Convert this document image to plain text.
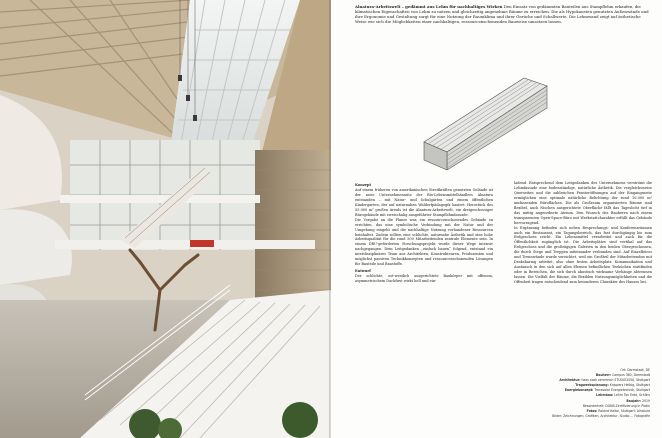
Alnatura-Arbeitswelt – gedämmt aus Lehm für nachhaltiges Wirken Den Einsatz von gedämmten Bauteilen aus Stampflehm erkaufen, die klimatischen Eigenschaften von Lehm zu nutzen und gleichzeitig angenehme Räume zu erreichen. Die als Hypokausten genutzten Außenwände und ihre Ergonomie und Gestaltung sorgt für eine Nutzung der Raumklima und ihrer Gerüche und Schallwerte. Die Lehmwand zeigt auf ästhetische Weise wie sich die Möglichkeiten einer nachhaltigen, ressourcenschonenden Bauweise umsetzen lassen.

Konzept

Auf einem früheren von amerikanischen Streitkräften genutzten Gelände ist der neue Unternehmenssitz der Bio-Lebensmittelhändlers Alnatura entstanden – mit Natur- und Schulgärten und einem öffentlichen Kindergarten, der auf naturnahen Waldorfpädagogik basiert. Herzstück des 55.000 m² großen Areals ist die Alnatura-Arbeitswelt, ein dreigeschossiger Bürogebäude mit zweischalig ausgeführter Stampflehmfassade.

Die Vorgabe an die Planer war, ein ressourcenschonendes Gebäude zu errichten, das eine symbolische Verbindung mit der Natur und der Umgebung eingeht und die nachhaltige Nutzung vorhandener Ressourcen beinhaltet. Zudem sollten eine schlichte, naturnahe Ästhetik und eine hohe Arbeitsqualität für die rund 500 Mitarbeitenden zentrale Elemente sein. In einem DBU-geförderten Forschungsprojekt wurde dieser Wege intensiv nachgegangen. Dem Leitgedanken „einfach bauen“ folgend, entstand ein interdisziplinäres Team aus Architekten, Konstrukteuren, Produzenten und möglichst passiven Technikkonzepten und ressourcenschonenden Lösungen für Bauteile und Baustoffe.

Entwurf

Der schlichte, ost-westlich ausgerichtete Baukörper mit offenem, asymmetrischem Dachfirst wirkt hell und ein-

ladend. Entsprechend dem Leitgedanken des Unternehmens verströmt die Lehmfassade eine bodenständige, natürliche Ästhetik. Die vergleichsweise Querseiten und die zahlreichen Fensteröffnungen auf der Eingangsseite ermöglichen eine optimale natürliche Belichtung der rund 10.000 m² umfassenden Büroflächen. Die als Großraum organisierten Räume sind flexibel, auch Nischen ausgerichtete Oberfläche fällt das Tageslicht tief in das mittig angeordnete Atrium. Den Wunsch des Bauherrn nach einem transparenten Open-Space-Büro mit Werkstattcharakter erfüllt das Gebäude hervorragend.

In Ergänzung befinden sich neben Besprechungs- und Konferenzräumen auch ein Restaurant, ein Tagungsbereich, das fast durchgängig bis zum Erdgeschoss reicht. Ein Lebensmittel verarbeitet und auch für die Öffentlichkeit zugänglich ist. Die Arbeitsplätze sind vertikal auf das Erdgeschoss und die großzügigen Galerien in den beiden Obergeschossen, die durch Stege und Treppen miteinander verbunden sind. Auf Einzelbüros und Trennwände wurde verzichtet, weil ein Großteil der Mitarbeitenden mit Desksharing arbeitet, also ohne festen Arbeitsplatz. Kommunikation und Austausch in den sich auf allen Ebenen befindlichen Teeküchen stattfinden oder in Bereichen, die sich durch akustisch wirksame Vorhänge abtrennen lassen. Die Vielfalt der Räume, die flexiblen Nutzungsmöglichkeiten und die Offenheit tragen entscheidend zum besonderen Charakter des Hauses bei.

Ort: Darmstadt, DE
Bauherr: Campus 360, Darmstadt
Architektur: haas cook zemmrich STUDIO2050, Stuttgart
Tragwerksplanung: Knippers Helbig, Stuttgart
Energiekonzept: Transsolar Energietechnik, Stuttgart
Lehmbau: Lehm Ton Erde, Schlins
Baujahr: 2019
Besonderheit: DGNB-Zertifizierung in Platin
Fotos: Roland Halbe, Stuttgart; Alnatura
Bilder: Zeichnungen, Grafiken, Architektur, Studio ... Fotografie
